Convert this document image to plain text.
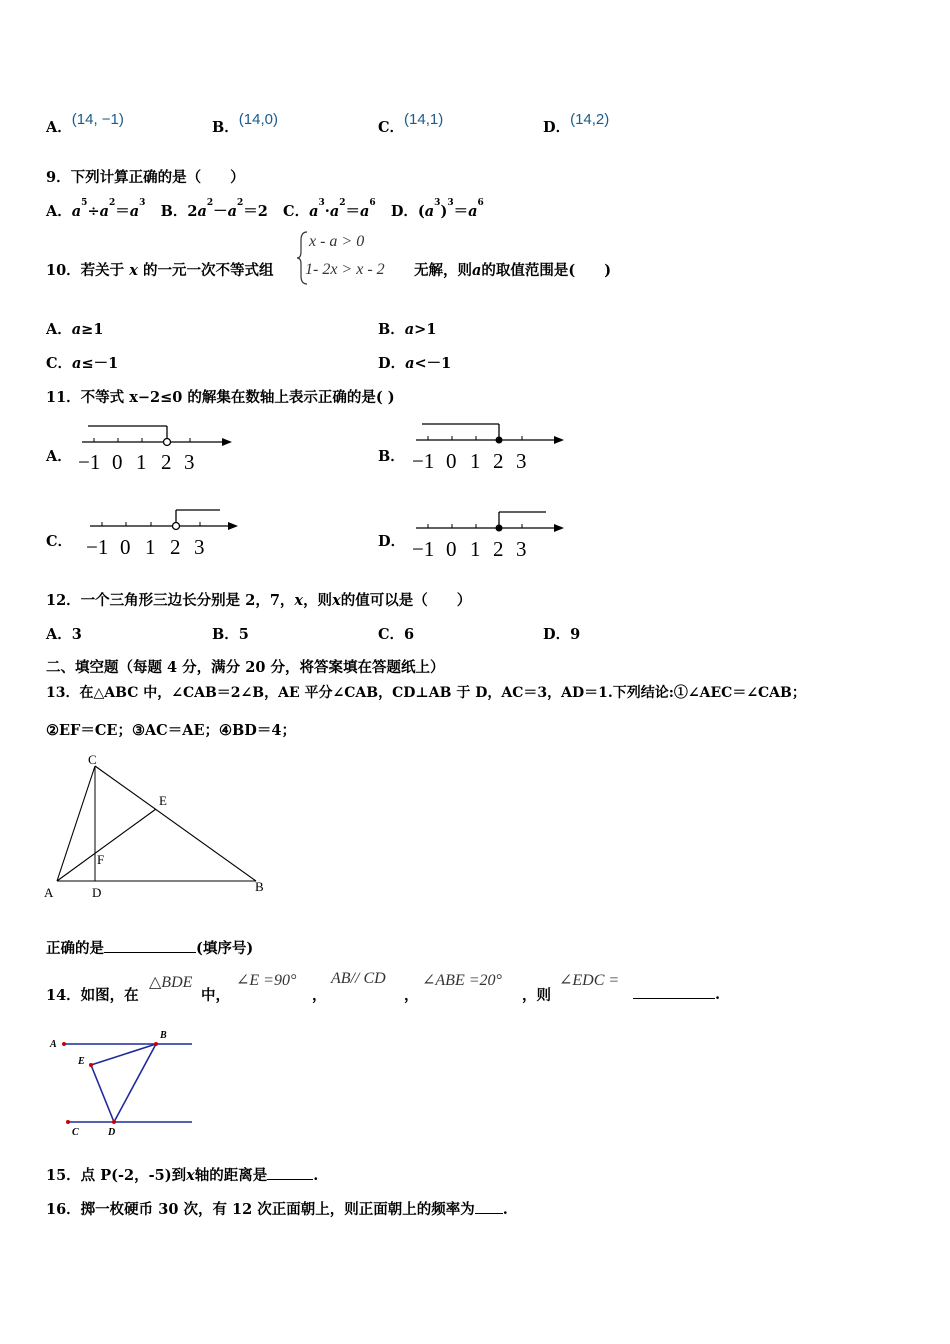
A．(14, −1)	B．(14,0)	C．(14,1)	D．(14,2)
9．下列计算正确的是（　　）
A．$a^5\div a^2=a^3$ B．$2a^2-a^2=2$   C．$a^3\cdot a^2=a^6$ D．$(a^3)^3=a^6$
10．若关于 x 的一元一次不等式组
x - a > 0
1- 2x > x - 2 无解，则a的取值范围是(　　)
A．a≥1	B．a>1
C．a≤－1	D．a<－1
11．不等式 x−2≤0 的解集在数轴上表示正确的是( )
A． −1 0 1 2 3	B． −1 0 1 2 3
C． −1 0 1 2 3	D． −1 0 1 2 3
12．一个三角形三边长分别是 2，7，x，则x的值可以是（　　）
A．3	B．5	C．6	D．9
二、填空题（每题 4 分，满分 20 分，将答案填在答题纸上）
13．在△ABC 中，∠CAB＝2∠B，AE 平分∠CAB，CD⊥AB 于 D，AC＝3，AD＝1.下列结论:①∠AEC＝∠CAB；
②EF＝CE；③AC＝AE；④BD＝4；
C
E
F
A	D	B
正确的是	(填序号)
14．如图，在
△BDE
中，
∠E =90°
，
AB// CD
，
∠ABE =20°
，则
∠EDC =
.
A
B
E
C	D
15．点 P(-2，-5)到x轴的距离是	.
16．掷一枚硬币 30 次，有 12 次正面朝上，则正面朝上的频率为 .
